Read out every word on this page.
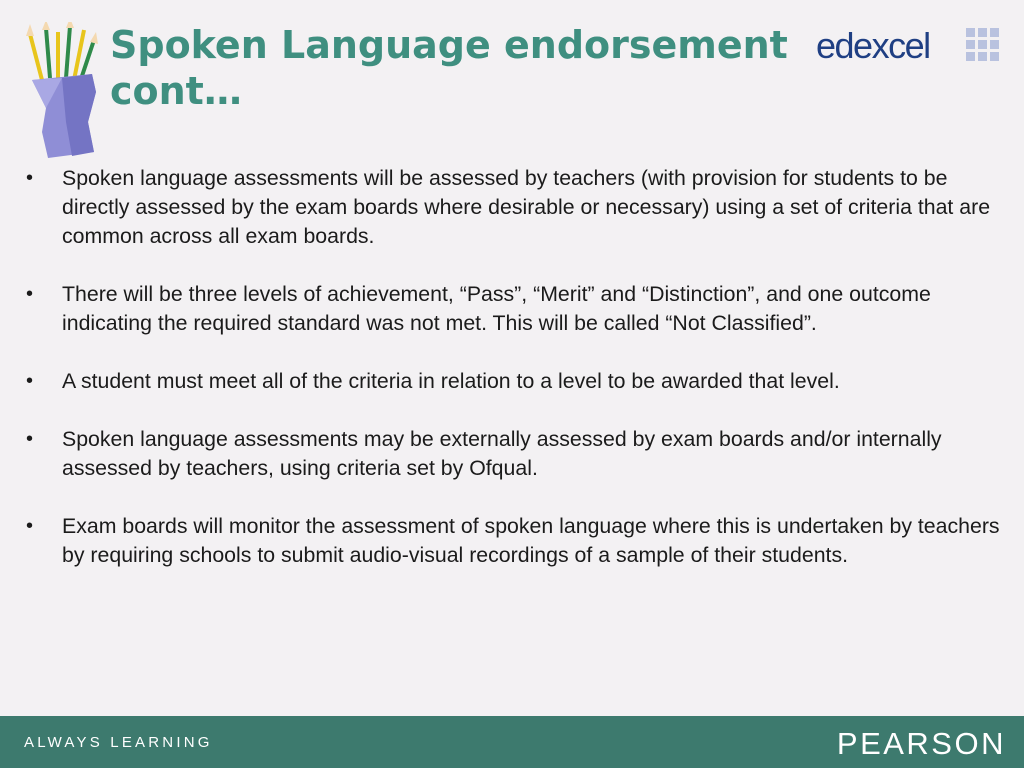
Spoken Language endorsement
cont…
edexcel
•	Spoken language assessments will be assessed by teachers (with provision for students to be directly assessed by the exam boards where desirable or necessary) using a set of criteria that are common across all exam boards.
•	There will be three levels of achievement, “Pass”, “Merit” and “Distinction”, and one outcome indicating the required standard was not met. This will be called “Not Classified”.
•	A student must meet all of the criteria in relation to a level to be awarded that level.
•	Spoken language assessments may be externally assessed by exam boards and/or internally assessed by teachers, using criteria set by Ofqual.
•	Exam boards will monitor the assessment of spoken language where this is undertaken by teachers by requiring schools to submit audio-visual recordings of a sample of their students.
ALWAYS LEARNING	PEARSON
